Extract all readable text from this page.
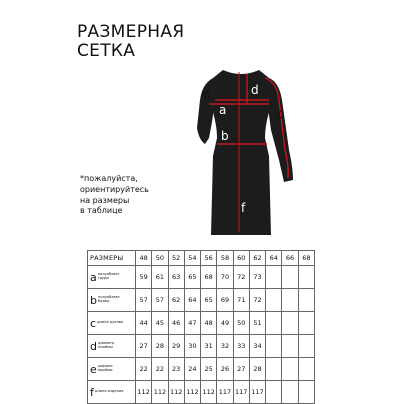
РАЗМЕРНАЯ
СЕТКА
a
b
c
d
e
f
*пожалуйста,
ориентируйтесь
на размеры
в таблице
РАЗМЕРЫ	48	50	52	54	56	58	60	62	64	66	68
aполуобхват груди	59	61	63	65	68	70	72	73			
bполуобхват бедер	57	57	62	64	65	69	71	72			
cдлина рукава	44	45	46	47	48	49	50	51			
dдиаметр проймы	27	28	29	30	31	32	33	34			
eширина проймы	22	22	23	24	25	26	27	28			
fдлина изделия	112	112	112	112	112	117	117	117			
